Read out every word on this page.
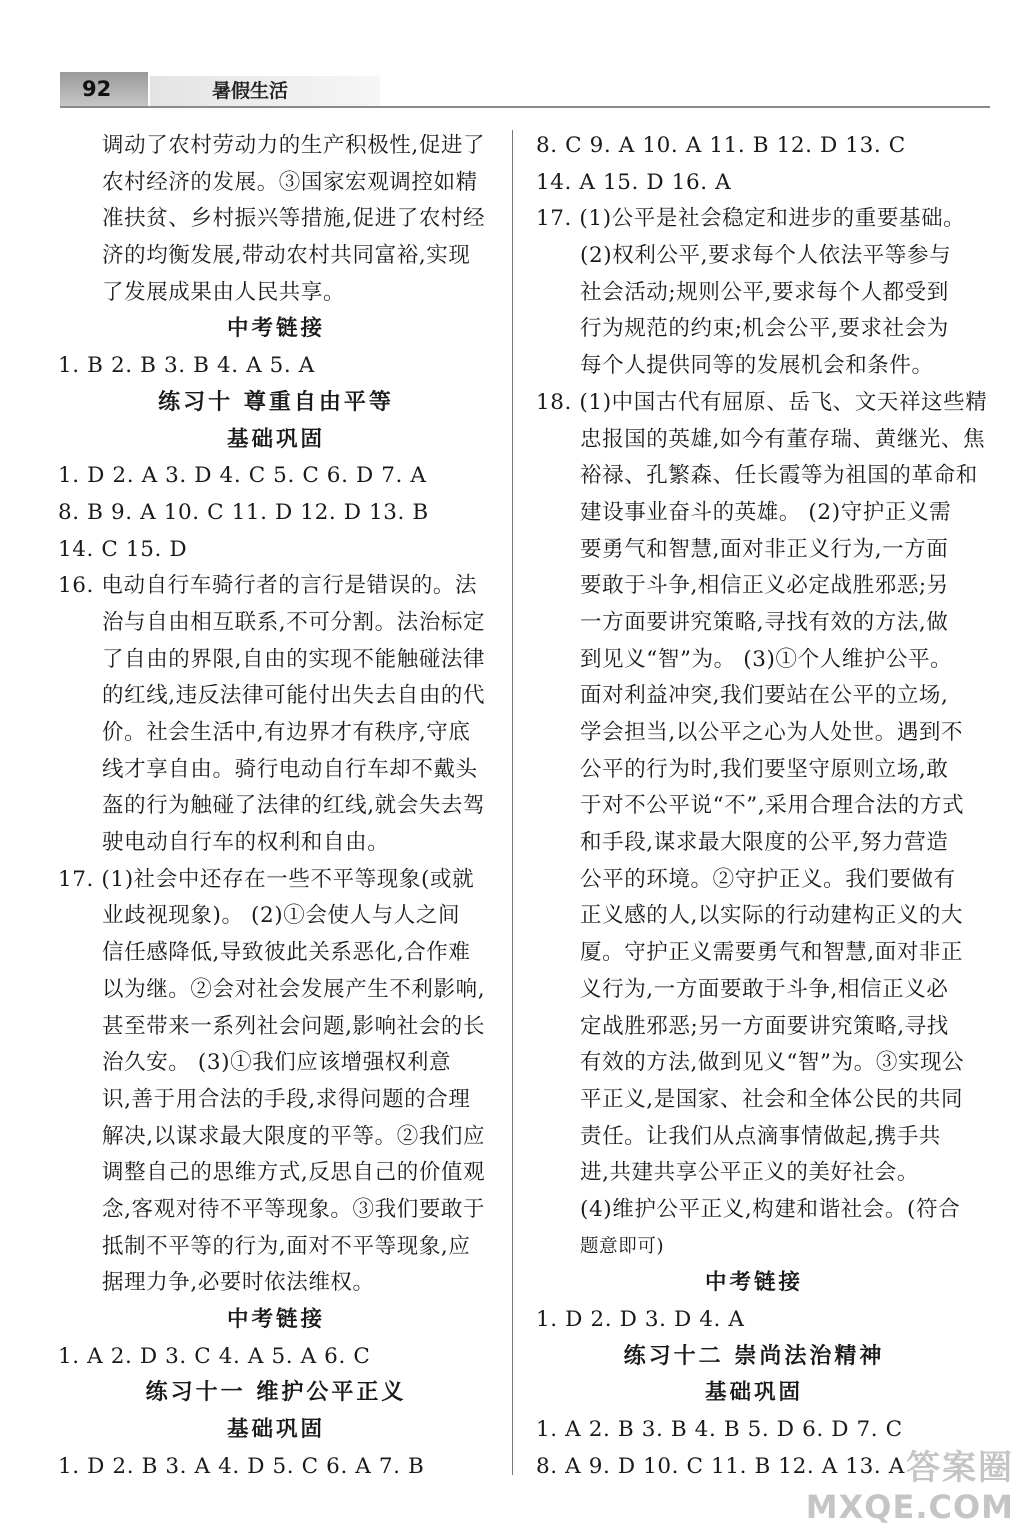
92	暑假生活
调动了农村劳动力的生产积极性,促进了
农村经济的发展。③国家宏观调控如精
准扶贫、乡村振兴等措施,促进了农村经
济的均衡发展,带动农村共同富裕,实现
了发展成果由人民共享。
中考链接
1. B 2. B 3. B 4. A 5. A
练习十 尊重自由平等
基础巩固
1. D 2. A 3. D 4. C 5. C 6. D 7. A
8. B 9. A 10. C 11. D 12. D 13. B
14. C 15. D
16. 电动自行车骑行者的言行是错误的。法
治与自由相互联系,不可分割。法治标定
了自由的界限,自由的实现不能触碰法律
的红线,违反法律可能付出失去自由的代
价。社会生活中,有边界才有秩序,守底
线才享自由。骑行电动自行车却不戴头
盔的行为触碰了法律的红线,就会失去驾
驶电动自行车的权利和自由。
17. (1)社会中还存在一些不平等现象(或就
业歧视现象)。 (2)①会使人与人之间
信任感降低,导致彼此关系恶化,合作难
以为继。②会对社会发展产生不利影响,
甚至带来一系列社会问题,影响社会的长
治久安。 (3)①我们应该增强权利意
识,善于用合法的手段,求得问题的合理
解决,以谋求最大限度的平等。②我们应
调整自己的思维方式,反思自己的价值观
念,客观对待不平等现象。③我们要敢于
抵制不平等的行为,面对不平等现象,应
据理力争,必要时依法维权。
中考链接
1. A 2. D 3. C 4. A 5. A 6. C
练习十一 维护公平正义
基础巩固
1. D 2. B 3. A 4. D 5. C 6. A 7. B
8. C 9. A 10. A 11. B 12. D 13. C
14. A 15. D 16. A
17. (1)公平是社会稳定和进步的重要基础。
(2)权利公平,要求每个人依法平等参与
社会活动;规则公平,要求每个人都受到
行为规范的约束;机会公平,要求社会为
每个人提供同等的发展机会和条件。
18. (1)中国古代有屈原、岳飞、文天祥这些精
忠报国的英雄,如今有董存瑞、黄继光、焦
裕禄、孔繁森、任长霞等为祖国的革命和
建设事业奋斗的英雄。 (2)守护正义需
要勇气和智慧,面对非正义行为,一方面
要敢于斗争,相信正义必定战胜邪恶;另
一方面要讲究策略,寻找有效的方法,做
到见义“智”为。 (3)①个人维护公平。
面对利益冲突,我们要站在公平的立场,
学会担当,以公平之心为人处世。遇到不
公平的行为时,我们要坚守原则立场,敢
于对不公平说“不”,采用合理合法的方式
和手段,谋求最大限度的公平,努力营造
公平的环境。②守护正义。我们要做有
正义感的人,以实际的行动建构正义的大
厦。守护正义需要勇气和智慧,面对非正
义行为,一方面要敢于斗争,相信正义必
定战胜邪恶;另一方面要讲究策略,寻找
有效的方法,做到见义“智”为。③实现公
平正义,是国家、社会和全体公民的共同
责任。让我们从点滴事情做起,携手共
进,共建共享公平正义的美好社会。
(4)维护公平正义,构建和谐社会。(符合
题意即可)
中考链接
1. D 2. D 3. D 4. A
练习十二 崇尚法治精神
基础巩固
1. A 2. B 3. B 4. B 5. D 6. D 7. C
8. A 9. D 10. C 11. B 12. A 13. A 答案圈
MXQE.COM
